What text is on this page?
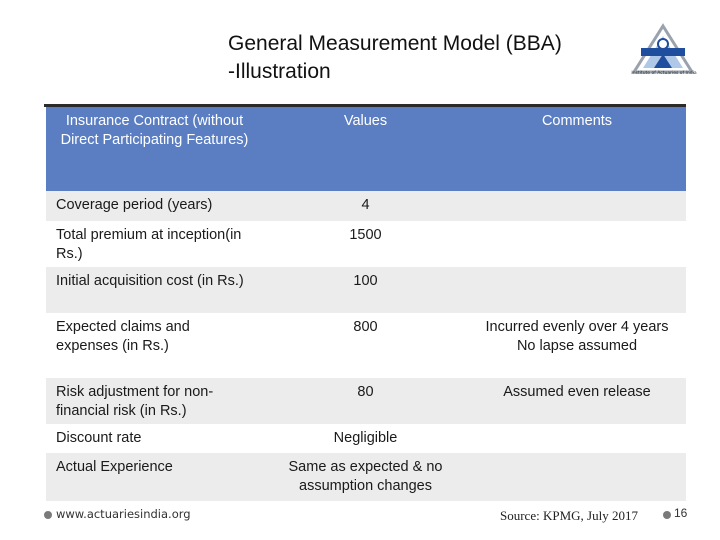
General Measurement Model (BBA)
-Illustration	Institute of Actuaries of India
Insurance Contract (without Direct Participating Features)	Values	Comments
Coverage period (years)	4	
Total premium at inception(in Rs.)	1500	
Initial acquisition cost (in Rs.)	100	
Expected claims and expenses (in Rs.)	800	Incurred evenly over 4 years
No lapse assumed
Risk adjustment for non-financial risk (in Rs.)	80	Assumed even release
Discount rate	Negligible	
Actual Experience	Same as expected & no assumption changes	
www.actuariesindia.org	Source: KPMG, July 2017	16
